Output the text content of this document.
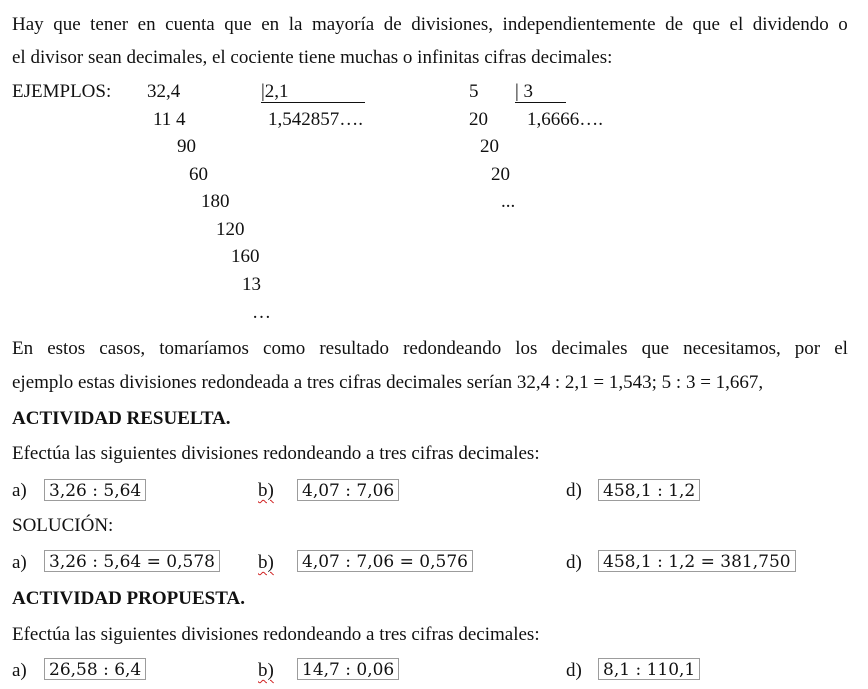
Hay que tener en cuenta que en la mayoría de divisiones, independientemente de que el dividendo o
el divisor sean decimales, el cociente tiene muchas o infinitas cifras decimales:
EJEMPLOS: 32,4	|2,1
1,542857….
11 4
90
60
180
120
160
13
…
5 | 3
1,6666….
20
20
20
...
En estos casos, tomaríamos como resultado redondeando los decimales que necesitamos, por el
ejemplo estas divisiones redondeada a tres cifras decimales serían 32,4 : 2,1 = 1,543; 5 : 3 = 1,667,
ACTIVIDAD RESUELTA.
Efectúa las siguientes divisiones redondeando a tres cifras decimales:
a) 3,26 : 5,64	b) 4,07 : 7,06	d) 458,1 : 1,2
SOLUCIÓN:
a) 3,26 : 5,64 = 0,578 b) 4,07 : 7,06 = 0,576	d) 458,1 : 1,2 = 381,750
ACTIVIDAD PROPUESTA.
Efectúa las siguientes divisiones redondeando a tres cifras decimales:
a) 26,58 : 6,4	b) 14,7 : 0,06	d) 8,1 : 110,1
